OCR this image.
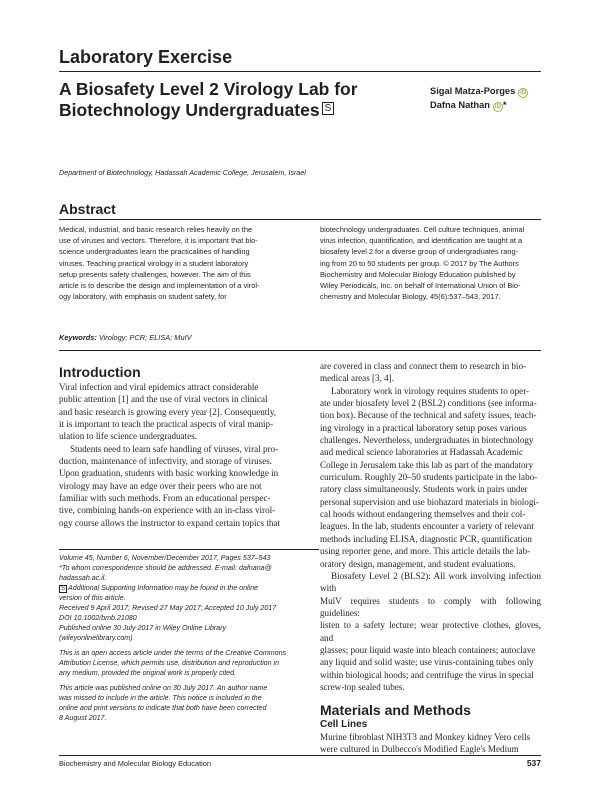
Laboratory Exercise
A Biosafety Level 2 Virology Lab for Biotechnology Undergraduates S
Sigal Matza-Porges iD
Dafna Nathan iD *
Department of Biotechnology, Hadassah Academic College, Jerusalem, Israel
Abstract
Medical, industrial, and basic research relies heavily on the
use of viruses and vectors. Therefore, it is important that bio-
science undergraduates learn the practicalities of handling
viruses. Teaching practical virology in a student laboratory
setup presents safety challenges, however. The aim of this
article is to describe the design and implementation of a virol-
ogy laboratory, with emphasis on student safety, for
biotechnology undergraduates. Cell culture techniques, animal
virus infection, quantification, and identification are taught at a
biosafety level 2 for a diverse group of undergraduates rang-
ing from 20 to 50 students per group. © 2017 by The Authors
Biochemistry and Molecular Biology Education published by
Wiley Periodicals, Inc. on behalf of International Union of Bio-
chemistry and Molecular Biology, 45(6):537–543, 2017.
Keywords: Virology; PCR; ELISA; MuIV
Introduction
Viral infection and viral epidemics attract considerable
public attention [1] and the use of viral vectors in clinical
and basic research is growing every year [2]. Consequently,
it is important to teach the practical aspects of viral manip-
ulation to life science undergraduates.
Students need to learn safe handling of viruses, viral pro-
duction, maintenance of infectivity, and storage of viruses.
Upon graduation, students with basic working knowledge in
virology may have an edge over their peers who are not
familiar with such methods. From an educational perspec-
tive, combining hands-on experience with an in-class virol-
ogy course allows the instructor to expand certain topics that

Volume 45, Number 6, November/December 2017, Pages 537–543

*To whom correspondence should be addressed. E-mail: dafnana@

hadassah.ac.il.

S Additional Supporting Information may be found in the online

version of this article.

Received 9 April 2017; Revised 27 May 2017; Accepted 10 July 2017

DOI 10.1002/bmb.21080

Published online 30 July 2017 in Wiley Online Library

(wileyonlinelibrary.com)

This is an open access article under the terms of the Creative Commons

Attribution License, which permits use, distribution and reproduction in

any medium, provided the original work is properly cited.

This article was published online on 30 July 2017. An author name

was missed to include in the article. This notice is included in the

online and print versions to indicate that both have been corrected

8 August 2017.

are covered in class and connect them to research in bio-
medical areas [3, 4].
Laboratory work in virology requires students to oper-
ate under biosafety level 2 (BSL2) conditions (see informa-
tion box). Because of the technical and safety issues, teach-
ing virology in a practical laboratory setup poses various
challenges. Nevertheless, undergraduates in biotechnology
and medical science laboratories at Hadassah Academic
College in Jerusalem take this lab as part of the mandatory
curriculum. Roughly 20–50 students participate in the labo-
ratory class simultaneously. Students work in pairs under
personal supervision and use biohazard materials in biologi-
cal hoods without endangering themselves and their col-
leagues. In the lab, students encounter a variety of relevant
methods including ELISA, diagnostic PCR, quantification
using reporter gene, and more. This article details the lab-
oratory design, management, and student evaluations.
Biosafety Level 2 (BLS2): All work involving infection with
MulV requires students to comply with following guidelines:
listen to a safety lecture; wear protective clothes, gloves, and
glasses; pour liquid waste into bleach containers; autoclave
any liquid and solid waste; use virus-containing tubes only
within biological hoods; and centrifuge the virus in special
screw-top sealed tubes.
Materials and Methods
Cell Lines
Murine fibroblast NIH3T3 and Monkey kidney Vero cells
were cultured in Dulbecco's Modified Eagle's Medium
Biochemistry and Molecular Biology Education	537
